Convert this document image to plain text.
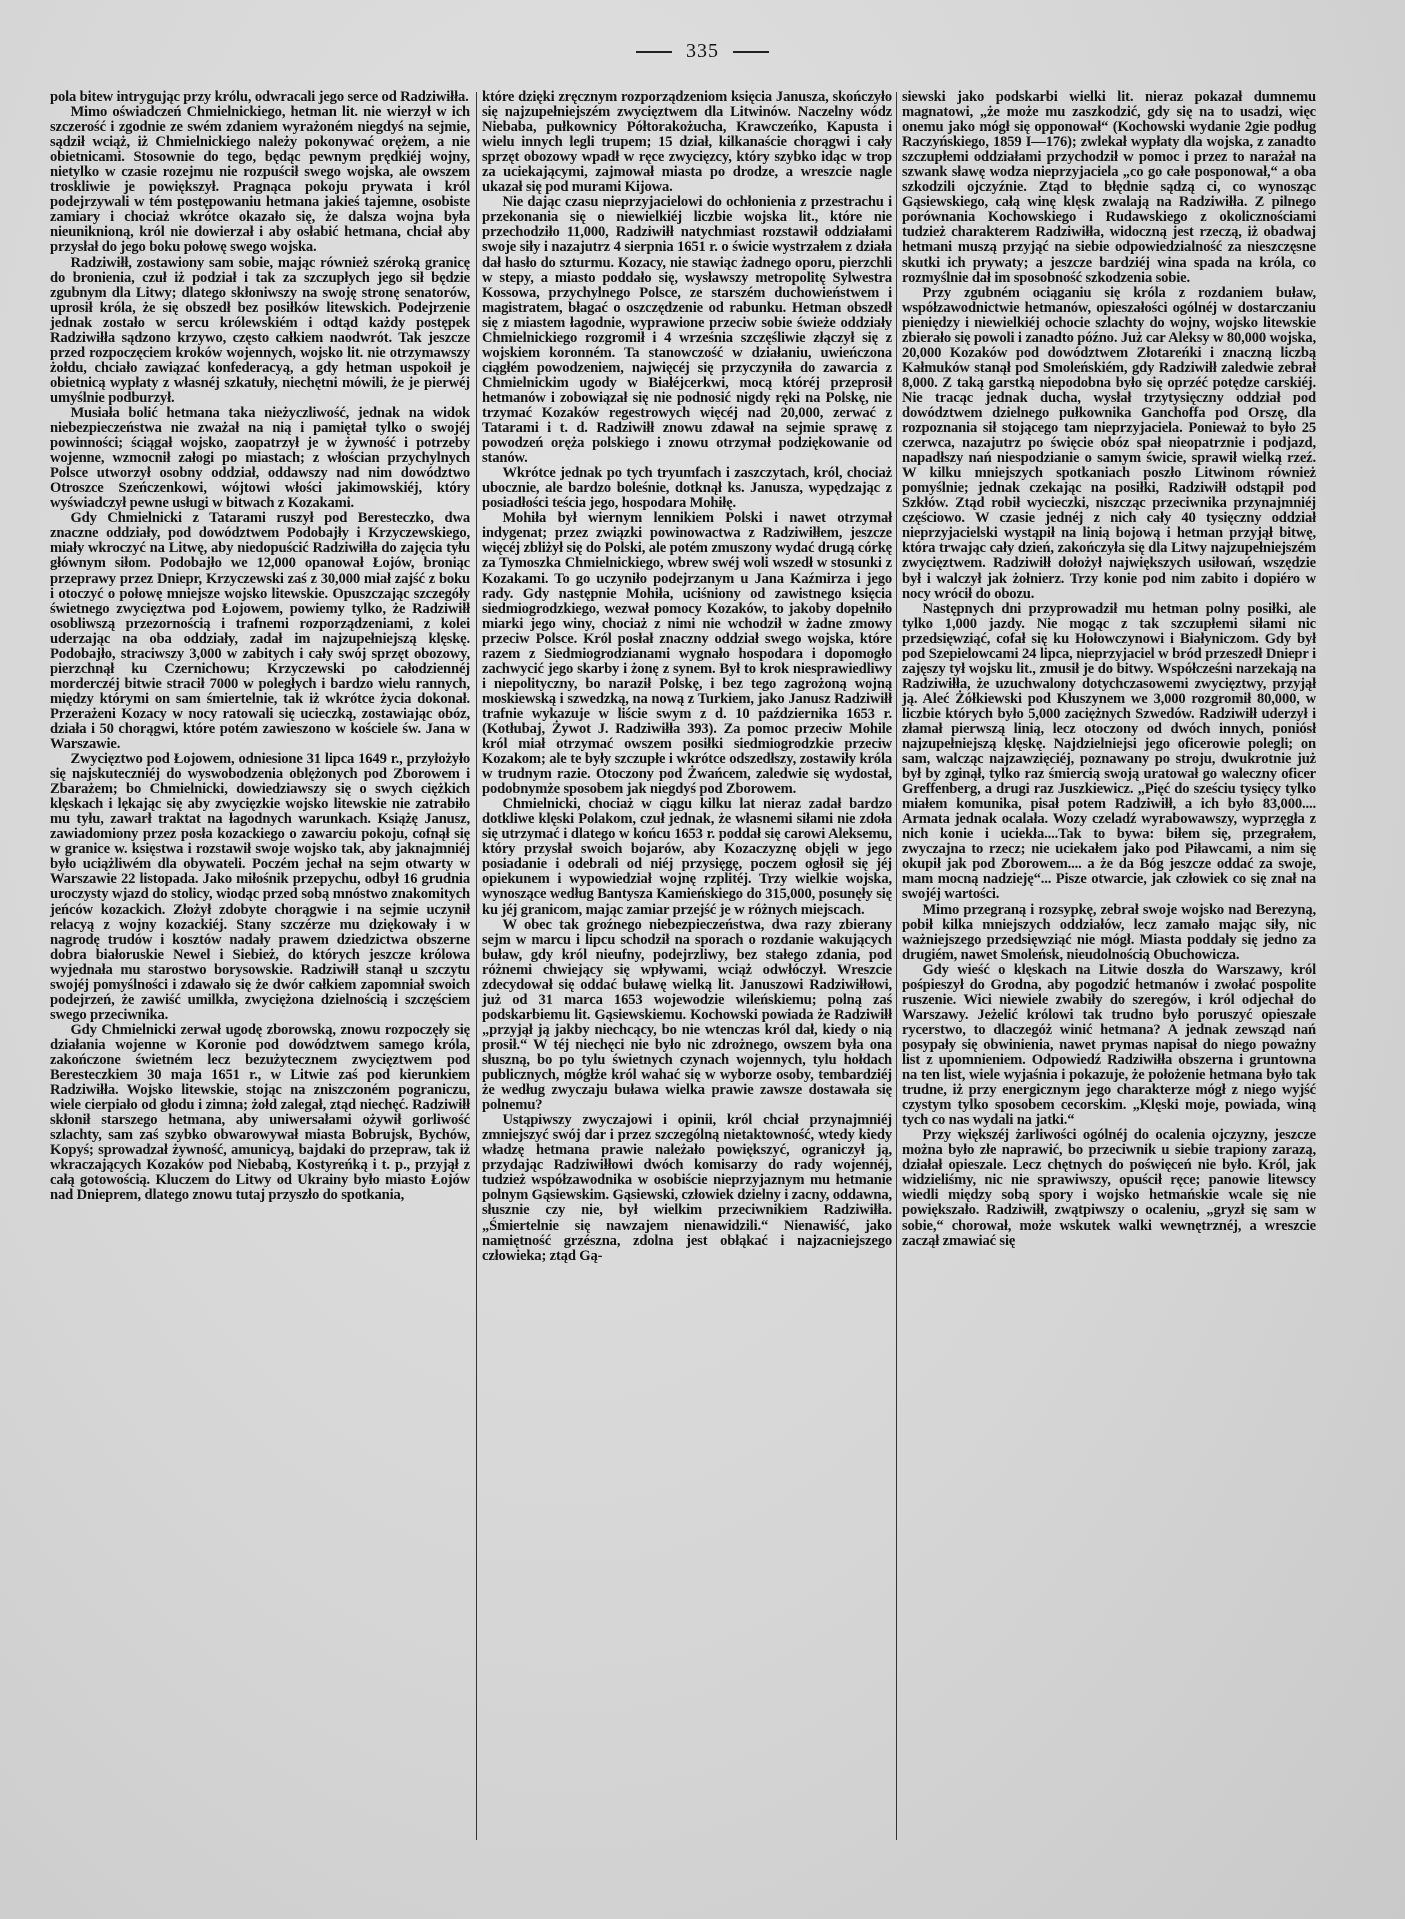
335

pola bitew intrygując przy królu, odwracali jego serce od Radziwiłła.

Mimo oświadczeń Chmielnickiego, hetman lit. nie wierzył w ich szczerość i zgodnie ze swém zdaniem wyrażoném niegdyś na sejmie, sądził wciąż, iż Chmielnickiego należy pokonywać orężem, a nie obietnicami. Stosownie do tego, będąc pewnym prędkiéj wojny, nietylko w czasie rozejmu nie rozpuścił swego wojska, ale owszem troskliwie je powiększył. Pragnąca pokoju prywata i król podejrzywali w tém postępowaniu hetmana jakieś tajemne, osobiste zamiary i chociaż wkrótce okazało się, że dalsza wojna była nieuniknioną, król nie dowierzał i aby osłabić hetmana, chciał aby przysłał do jego boku połowę swego wojska.

Radziwiłł, zostawiony sam sobie, mając również széroką granicę do bronienia, czuł iż podział i tak za szczupłych jego sił będzie zgubnym dla Litwy; dlatego skłoniwszy na swoję stronę senatorów, uprosił króla, że się obszedł bez posiłków litewskich. Podejrzenie jednak zostało w sercu królewskiém i odtąd każdy postępek Radziwiłła sądzono krzywo, często całkiem naodwrót. Tak jeszcze przed rozpoczęciem kroków wojennych, wojsko lit. nie otrzymawszy żołdu, chciało zawiązać konfederacyą, a gdy hetman uspokoił je obietnicą wypłaty z własnéj szkatuły, niechętni mówili, że je pierwéj umyślnie podburzył.

Musiała bolić hetmana taka nieżyczliwość, jednak na widok niebezpieczeństwa nie zważał na nią i pamiętał tylko o swojéj powinności; ściągał wojsko, zaopatrzył je w żywność i potrzeby wojenne, wzmocnił załogi po miastach; z włościan przychylnych Polsce utworzył osobny oddział, oddawszy nad nim dowództwo Otroszce Szeńczenkowi, wójtowi włości jakimowskiéj, który wyświadczył pewne usługi w bitwach z Kozakami.

Gdy Chmielnicki z Tatarami ruszył pod Beresteczko, dwa znaczne oddziały, pod dowództwem Podobajły i Krzyczewskiego, miały wkroczyć na Litwę, aby niedopuścić Radziwiłła do zajęcia tyłu głównym siłom. Podobajło we 12,000 opanował Łojów, broniąc przeprawy przez Dniepr, Krzyczewski zaś z 30,000 miał zajść z boku i otoczyć o połowę mniejsze wojsko litewskie. Opuszczając szczegóły świetnego zwycięztwa pod Łojowem, powiemy tylko, że Radziwiłł osobliwszą przezornością i trafnemi rozporządzeniami, z kolei uderzając na oba oddziały, zadał im najzupełniejszą klęskę. Podobajło, straciwszy 3,000 w zabitych i cały swój sprzęt obozowy, pierzchnął ku Czernichowu; Krzyczewski po całodziennéj morderczéj bitwie stracił 7000 w poległych i bardzo wielu rannych, między którymi on sam śmiertelnie, tak iż wkrótce życia dokonał. Przerażeni Kozacy w nocy ratowali się ucieczką, zostawiając obóz, działa i 50 chorągwi, które potém zawieszono w kościele św. Jana w Warszawie.

Zwycięztwo pod Łojowem, odniesione 31 lipca 1649 r., przyłożyło się najskuteczniéj do wyswobodzenia oblężonych pod Zborowem i Zbarażem; bo Chmielnicki, dowiedziawszy się o swych ciężkich klęskach i lękając się aby zwycięzkie wojsko litewskie nie zatrabiło mu tyłu, zawarł traktat na łagodnych warunkach. Książę Janusz, zawiadomiony przez posła kozackiego o zawarciu pokoju, cofnął się w granice w. księstwa i rozstawił swoje wojsko tak, aby jaknajmniéj było uciążliwém dla obywateli. Poczém jechał na sejm otwarty w Warszawie 22 listopada. Jako miłośnik przepychu, odbył 16 grudnia uroczysty wjazd do stolicy, wiodąc przed sobą mnóstwo znakomitych jeńców kozackich. Złożył zdobyte chorągwie i na sejmie uczynił relacyą z wojny kozackiéj. Stany szczérze mu dziękowały i w nagrodę trudów i kosztów nadały prawem dziedzictwa obszerne dobra białoruskie Newel i Siebież, do których jeszcze królowa wyjednała mu starostwo borysowskie. Radziwiłł stanął u szczytu swojéj pomyślności i zdawało się że dwór całkiem zapomniał swoich podejrzeń, że zawiść umilkła, zwyciężona dzielnością i szczęściem swego przeciwnika.

Gdy Chmielnicki zerwał ugodę zborowską, znowu rozpoczęły się działania wojenne w Koronie pod dowództwem samego króla, zakończone świetném lecz bezużytecznem zwycięztwem pod Beresteczkiem 30 maja 1651 r., w Litwie zaś pod kierunkiem Radziwiłła. Wojsko litewskie, stojąc na zniszczoném pograniczu, wiele cierpiało od głodu i zimna; żołd zalegał, ztąd niechęć. Radziwiłł skłonił starszego hetmana, aby uniwersałami ożywił gorliwość szlachty, sam zaś szybko obwarowywał miasta Bobrujsk, Bychów, Kopyś; sprowadzał żywność, amunicyą, bajdaki do przepraw, tak iż wkraczających Kozaków pod Niebabą, Kostyreńką i t. p., przyjął z całą gotowością. Kluczem do Litwy od Ukrainy było miasto Łojów nad Dnieprem, dlatego znowu tutaj przyszło do spotkania,

które dzięki zręcznym rozporządzeniom księcia Janusza, skończyło się najzupełniejszém zwycięztwem dla Litwinów. Naczelny wódz Niebaba, pułkownicy Półtorakożucha, Krawczeńko, Kapusta i wielu innych legli trupem; 15 dział, kilkanaście chorągwi i cały sprzęt obozowy wpadł w ręce zwycięzcy, który szybko idąc w trop za uciekającymi, zajmował miasta po drodze, a wreszcie nagle ukazał się pod murami Kijowa.

Nie dając czasu nieprzyjacielowi do ochłonienia z przestrachu i przekonania się o niewielkiéj liczbie wojska lit., które nie przechodziło 11,000, Radziwiłł natychmiast rozstawił oddziałami swoje siły i nazajutrz 4 sierpnia 1651 r. o świcie wystrzałem z działa dał hasło do szturmu. Kozacy, nie stawiąc żadnego oporu, pierzchli w stepy, a miasto poddało się, wysławszy metropolitę Sylwestra Kossowa, przychylnego Polsce, ze starszém duchowieństwem i magistratem, błagać o oszczędzenie od rabunku. Hetman obszedł się z miastem łagodnie, wyprawione przeciw sobie świeże oddziały Chmielnickiego rozgromił i 4 września szczęśliwie złączył się z wojskiem koronném. Ta stanowczość w działaniu, uwieńczona ciągłém powodzeniem, najwięcéj się przyczyniła do zawarcia z Chmielnickim ugody w Białéjcerkwi, mocą któréj przeprosił hetmanów i zobowiązał się nie podnosić nigdy ręki na Polskę, nie trzymać Kozaków regestrowych więcéj nad 20,000, zerwać z Tatarami i t. d. Radziwiłł znowu zdawał na sejmie sprawę z powodzeń oręża polskiego i znowu otrzymał podziękowanie od stanów.

Wkrótce jednak po tych tryumfach i zaszczytach, król, chociaż ubocznie, ale bardzo boleśnie, dotknął ks. Janusza, wypędzając z posiadłości teścia jego, hospodara Mohiłę.

Mohiła był wiernym lennikiem Polski i nawet otrzymał indygenat; przez związki powinowactwa z Radziwiłłem, jeszcze więcéj zbliżył się do Polski, ale potém zmuszony wydać drugą córkę za Tymoszka Chmielnickiego, wbrew swéj woli wszedł w stosunki z Kozakami. To go uczyniło podejrzanym u Jana Kaźmirza i jego rady. Gdy następnie Mohiła, uciśniony od zawistnego księcia siedmiogrodzkiego, wezwał pomocy Kozaków, to jakoby dopełniło miarki jego winy, chociaż z nimi nie wchodził w żadne zmowy przeciw Polsce. Król posłał znaczny oddział swego wojska, które razem z Siedmiogrodzianami wygnało hospodara i dopomogło zachwycić jego skarby i żonę z synem. Był to krok niesprawiedliwy i niepolityczny, bo naraził Polskę, i bez tego zagrożoną wojną moskiewską i szwedzką, na nową z Turkiem, jako Janusz Radziwiłł trafnie wykazuje w liście swym z d. 10 października 1653 r. (Kotłubaj, Żywot J. Radziwiłła 393). Za pomoc przeciw Mohile król miał otrzymać owszem posiłki siedmiogrodzkie przeciw Kozakom; ale te były szczupłe i wkrótce odszedłszy, zostawiły króla w trudnym razie. Otoczony pod Żwańcem, zaledwie się wydostał, podobnymże sposobem jak niegdyś pod Zborowem.

Chmielnicki, chociaż w ciągu kilku lat nieraz zadał bardzo dotkliwe klęski Polakom, czuł jednak, że własnemi siłami nie zdoła się utrzymać i dlatego w końcu 1653 r. poddał się carowi Aleksemu, który przysłał swoich bojarów, aby Kozaczyznę objęli w jego posiadanie i odebrali od niéj przysięgę, poczem ogłosił się jéj opiekunem i wypowiedział wojnę rzplitéj. Trzy wielkie wojska, wynoszące według Bantysza Kamieńskiego do 315,000, posunęły się ku jéj granicom, mając zamiar przejść je w różnych miejscach.

W obec tak groźnego niebezpieczeństwa, dwa razy zbierany sejm w marcu i lipcu schodził na sporach o rozdanie wakujących buław, gdy król nieufny, podejrzliwy, bez stałego zdania, pod różnemi chwiejący się wpływami, wciąż odwłóczył. Wreszcie zdecydował się oddać buławę wielką lit. Januszowi Radziwiłłowi, już od 31 marca 1653 wojewodzie wileńskiemu; polną zaś podskarbiemu lit. Gąsiewskiemu. Kochowski powiada że Radziwiłł „przyjął ją jakby niechcący, bo nie wtenczas król dał, kiedy o nią prosił.“ W téj niechęci nie było nic zdrożnego, owszem była ona słuszną, bo po tylu świetnych czynach wojennych, tylu hołdach publicznych, mógłże król wahać się w wyborze osoby, tembardziéj że według zwyczaju buława wielka prawie zawsze dostawała się polnemu?

Ustąpiwszy zwyczajowi i opinii, król chciał przynajmniéj zmniejszyć swój dar i przez szczególną nietaktowność, wtedy kiedy władzę hetmana prawie należało powiększyć, ograniczył ją, przydając Radziwiłłowi dwóch komisarzy do rady wojennéj, tudzież współzawodnika w osobiście nieprzyjaznym mu hetmanie polnym Gąsiewskim. Gąsiewski, człowiek dzielny i zacny, oddawna, słusznie czy nie, był wielkim przeciwnikiem Radziwiłła. „Śmiertelnie się nawzajem nienawidzili.“ Nienawiść, jako namiętność grzészna, zdolna jest obłąkać i najzacniejszego człowieka; ztąd Gą-

siewski jako podskarbi wielki lit. nieraz pokazał dumnemu magnatowi, „że może mu zaszkodzić, gdy się na to usadzi, więc onemu jako mógł się opponował“ (Kochowski wydanie 2gie podług Raczyńskiego, 1859 I—176); zwlekał wypłaty dla wojska, z zanadto szczupłemi oddziałami przychodził w pomoc i przez to narażał na szwank sławę wodza nieprzyjaciela „co go całe posponował,“ a oba szkodzili ojczyźnie. Ztąd to błędnie sądzą ci, co wynosząc Gąsiewskiego, całą winę klęsk zwalają na Radziwiłła. Z pilnego porównania Kochowskiego i Rudawskiego z okolicznościami tudzież charakterem Radziwiłła, widoczną jest rzeczą, iż obadwaj hetmani muszą przyjąć na siebie odpowiedzialność za nieszczęsne skutki ich prywaty; a jeszcze bardziéj wina spada na króla, co rozmyślnie dał im sposobność szkodzenia sobie.

Przy zgubném ociąganiu się króla z rozdaniem buław, współzawodnictwie hetmanów, opieszałości ogólnéj w dostarczaniu pieniędzy i niewielkiéj ochocie szlachty do wojny, wojsko litewskie zbierało się powoli i zanadto późno. Już car Aleksy w 80,000 wojska, 20,000 Kozaków pod dowództwem Złotareńki i znaczną liczbą Kałmuków stanął pod Smoleńskiém, gdy Radziwiłł zaledwie zebrał 8,000. Z taką garstką niepodobna było się oprzéć potędze carskiéj. Nie tracąc jednak ducha, wysłał trzytysięczny oddział pod dowództwem dzielnego pułkownika Ganchoffa pod Orszę, dla rozpoznania sił stojącego tam nieprzyjaciela. Ponieważ to było 25 czerwca, nazajutrz po święcie obóz spał nieopatrznie i podjazd, napadłszy nań niespodzianie o samym świcie, sprawił wielką rzeź. W kilku mniejszych spotkaniach poszło Litwinom również pomyślnie; jednak czekając na posiłki, Radziwiłł odstąpił pod Szkłów. Ztąd robił wycieczki, niszcząc przeciwnika przynajmniéj częściowo. W czasie jednéj z nich cały 40 tysięczny oddział nieprzyjacielski wystąpił na linią bojową i hetman przyjął bitwę, która trwając cały dzień, zakończyła się dla Litwy najzupełniejszém zwycięztwem. Radziwiłł dołożył największych usiłowań, wszędzie był i walczył jak żołnierz. Trzy konie pod nim zabito i dopiéro w nocy wrócił do obozu.

Następnych dni przyprowadził mu hetman polny posiłki, ale tylko 1,000 jazdy. Nie mogąc z tak szczupłemi siłami nic przedsięwziąć, cofał się ku Hołowczynowi i Białyniczom. Gdy był pod Szepielowcami 24 lipca, nieprzyjaciel w bród przeszedł Dniepr i zajęszy tył wojsku lit., zmusił je do bitwy. Współcześni narzekają na Radziwiłła, że uzuchwalony dotychczasowemi zwycięztwy, przyjął ją. Aleć Żółkiewski pod Kłuszynem we 3,000 rozgromił 80,000, w liczbie których było 5,000 zaciężnych Szwedów. Radziwiłł uderzył i złamał pierwszą linią, lecz otoczony od dwóch innych, poniósł najzupełniejszą klęskę. Najdzielniejsi jego oficerowie polegli; on sam, walcząc najzawzięciéj, poznawany po stroju, dwukrotnie już był by zginął, tylko raz śmiercią swoją uratował go waleczny oficer Greffenberg, a drugi raz Juszkiewicz. „Pięć do sześciu tysięcy tylko miałem komunika, pisał potem Radziwiłł, a ich było 83,000.... Armata jednak ocalała. Wozy czeladź wyrabowawszy, wyprzęgła z nich konie i uciekła....Tak to bywa: biłem się, przegrałem, zwyczajna to rzecz; nie uciekałem jako pod Piławcami, a nim się okupił jak pod Zborowem.... a że da Bóg jeszcze oddać za swoje, mam mocną nadzieję“... Pisze otwarcie, jak człowiek co się znał na swojéj wartości.

Mimo przegraną i rozsypkę, zebrał swoje wojsko nad Berezyną, pobił kilka mniejszych oddziałów, lecz zamało mając siły, nic ważniejszego przedsięwziąć nie mógł. Miasta poddały się jedno za drugiém, nawet Smoleńsk, nieudolnością Obuchowicza.

Gdy wieść o klęskach na Litwie doszła do Warszawy, król pośpieszył do Grodna, aby pogodzić hetmanów i zwołać pospolite ruszenie. Wici niewiele zwabiły do szeregów, i król odjechał do Warszawy. Jeżelić królowi tak trudno było poruszyć opieszałe rycerstwo, to dlaczegóż winić hetmana? A jednak zewsząd nań posypały się obwinienia, nawet prymas napisał do niego poważny list z upomnieniem. Odpowiedź Radziwiłła obszerna i gruntowna na ten list, wiele wyjaśnia i pokazuje, że położenie hetmana było tak trudne, iż przy energicznym jego charakterze mógł z niego wyjść czystym tylko sposobem cecorskim. „Klęski moje, powiada, winą tych co nas wydali na jatki.“

Przy większéj żarliwości ogólnéj do ocalenia ojczyzny, jeszcze można było złe naprawić, bo przeciwnik u siebie trapiony zarazą, działał opieszale. Lecz chętnych do poświęceń nie było. Król, jak widzieliśmy, nic nie sprawiwszy, opuścił ręce; panowie litewscy wiedli między sobą spory i wojsko hetmańskie wcale się nie powiększało. Radziwiłł, zwątpiwszy o ocaleniu, „gryzł się sam w sobie,“ chorował, może wskutek walki wewnętrznéj, a wreszcie zaczął zmawiać się
